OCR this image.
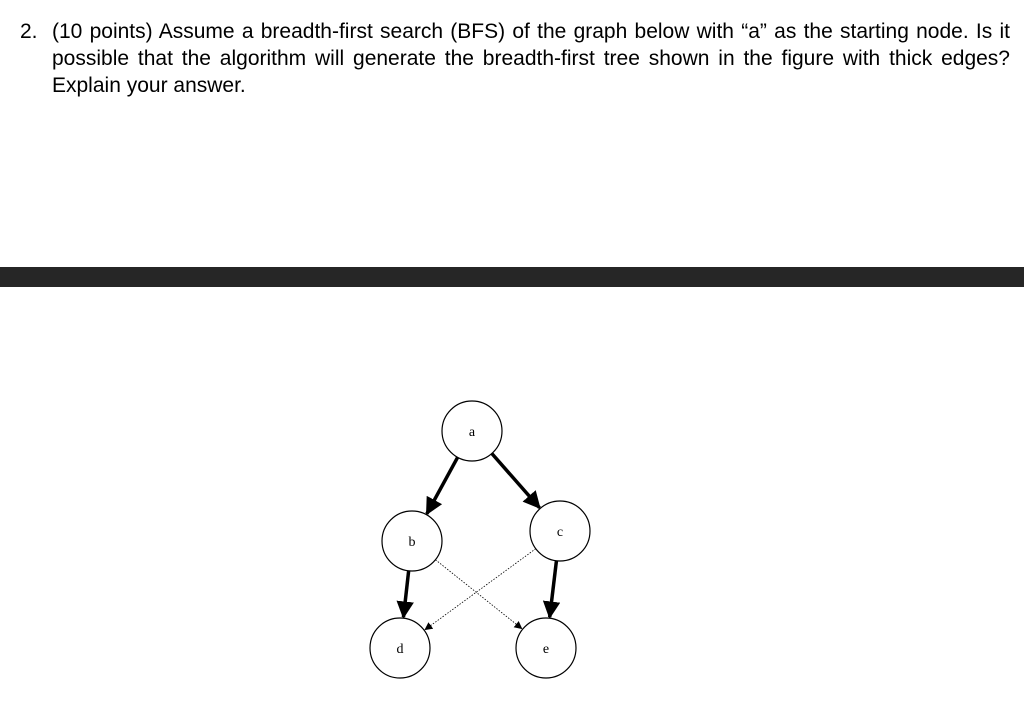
2. (10 points) Assume a breadth-first search (BFS) of the graph below with “a” as the starting node. Is it possible that the algorithm will generate the breadth-first tree shown in the figure with thick edges? Explain your answer.
a
b
c
d	e
